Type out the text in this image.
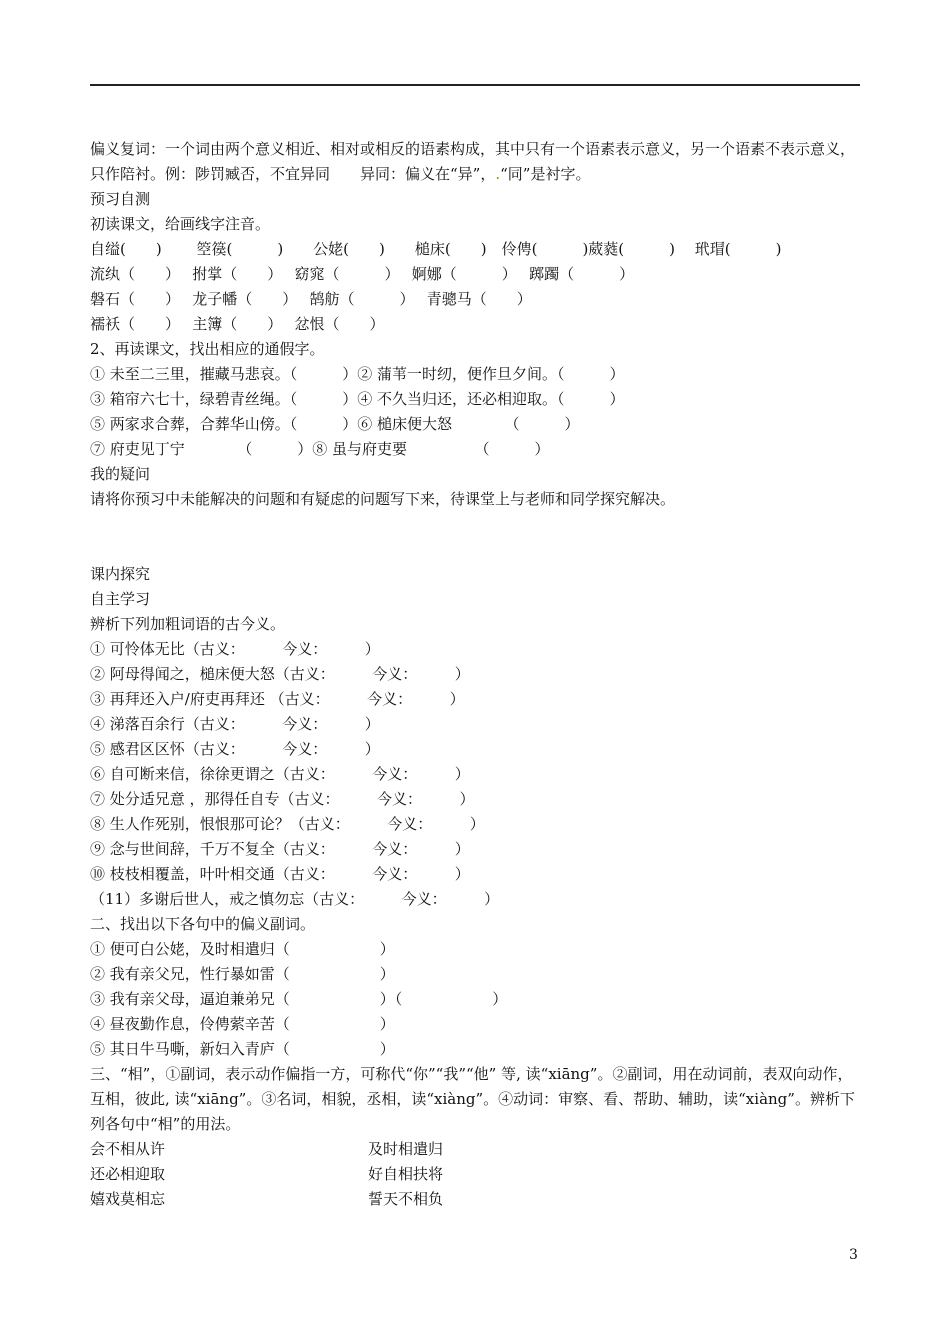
偏义复词：一个词由两个意义相近、相对或相反的语素构成，其中只有一个语素表示意义，另一个语素不表示意义，只作陪衬。例：陟罚臧否，不宜异同　　异同：偏义在“异”，.“同”是衬字。
预习自测
初读课文，给画线字注音。
自缢(　　)　　 箜篌(　　　)　　公姥(　　)　　槌床(　　)　伶俜(　　　)葳蕤(　　　)　 玳瑁(　　　)
流纨（　　）　 拊掌（　　）　 窈窕（　　　）　 婀娜（　　　）　 踯躅（　　　）
磐石（　　）　 龙子幡（　　）　 鹄舫（　　　）　 青骢马（　　）
襦袄（　　）　 主簿（　　）　 忿恨（　　）
2、再读课文，找出相应的通假字。
① 未至二三里，摧藏马悲哀。（　　　）② 蒲苇一时纫，便作旦夕间。（　　　）
③ 箱帘六七十，绿碧青丝绳。（　　　）④ 不久当归还，还必相迎取。（　　　）
⑤ 两家求合葬，合葬华山傍。（　　　）⑥ 槌床便大怒　　　　（　　　）
⑦ 府吏见丁宁　　　　（　　　）⑧ 虽与府吏要　　　　　（　　　）
我的疑问
请将你预习中未能解决的问题和有疑虑的问题写下来，待课堂上与老师和同学探究解决。
课内探究
自主学习
辨析下列加粗词语的古今义。
① 可怜体无比（古义：　　　今义：　　　）
② 阿母得闻之，槌床便大怒（古义：　　　今义：　　　）
③ 再拜还入户/府吏再拜还 （古义：　　　今义：　　　）
④ 涕落百余行（古义：　　　今义：　　　）
⑤ 感君区区怀（古义：　　　今义：　　　）
⑥ 自可断来信，徐徐更谓之（古义：　　　今义：　　　）
⑦ 处分适兄意 ，那得任自专（古义：　　　今义：　　　）
⑧ 生人作死别，恨恨那可论？（古义：　　　今义：　　　）
⑨ 念与世间辞，千万不复全（古义：　　　今义：　　　）
⑩ 枝枝相覆盖，叶叶相交通（古义：　　　今义：　　　）
（11）多谢后世人，戒之慎勿忘（古义：　　　今义：　　　）
二、找出以下各句中的偏义副词。
① 便可白公姥，及时相遣归（　　　　　　）
② 我有亲父兄，性行暴如雷（　　　　　　）
③ 我有亲父母，逼迫兼弟兄（　　　　　　）（　　　　　　）
④ 昼夜勤作息，伶俜萦辛苦（　　　　　　）
⑤ 其日牛马嘶，新妇入青庐（　　　　　　）
三、“相”，①副词，表示动作偏指一方，可称代“你”“我”“他” 等, 读“xiāng”。②副词，用在动词前，表双向动作，互相，彼此, 读“xiāng”。③名词，相貌，丞相，读“xiàng”。④动词：审察、看、帮助、辅助，读“xiàng”。辨析下列各句中“相”的用法。
会不相从许	及时相遣归
还必相迎取	好自相扶将
嬉戏莫相忘	誓天不相负
3
